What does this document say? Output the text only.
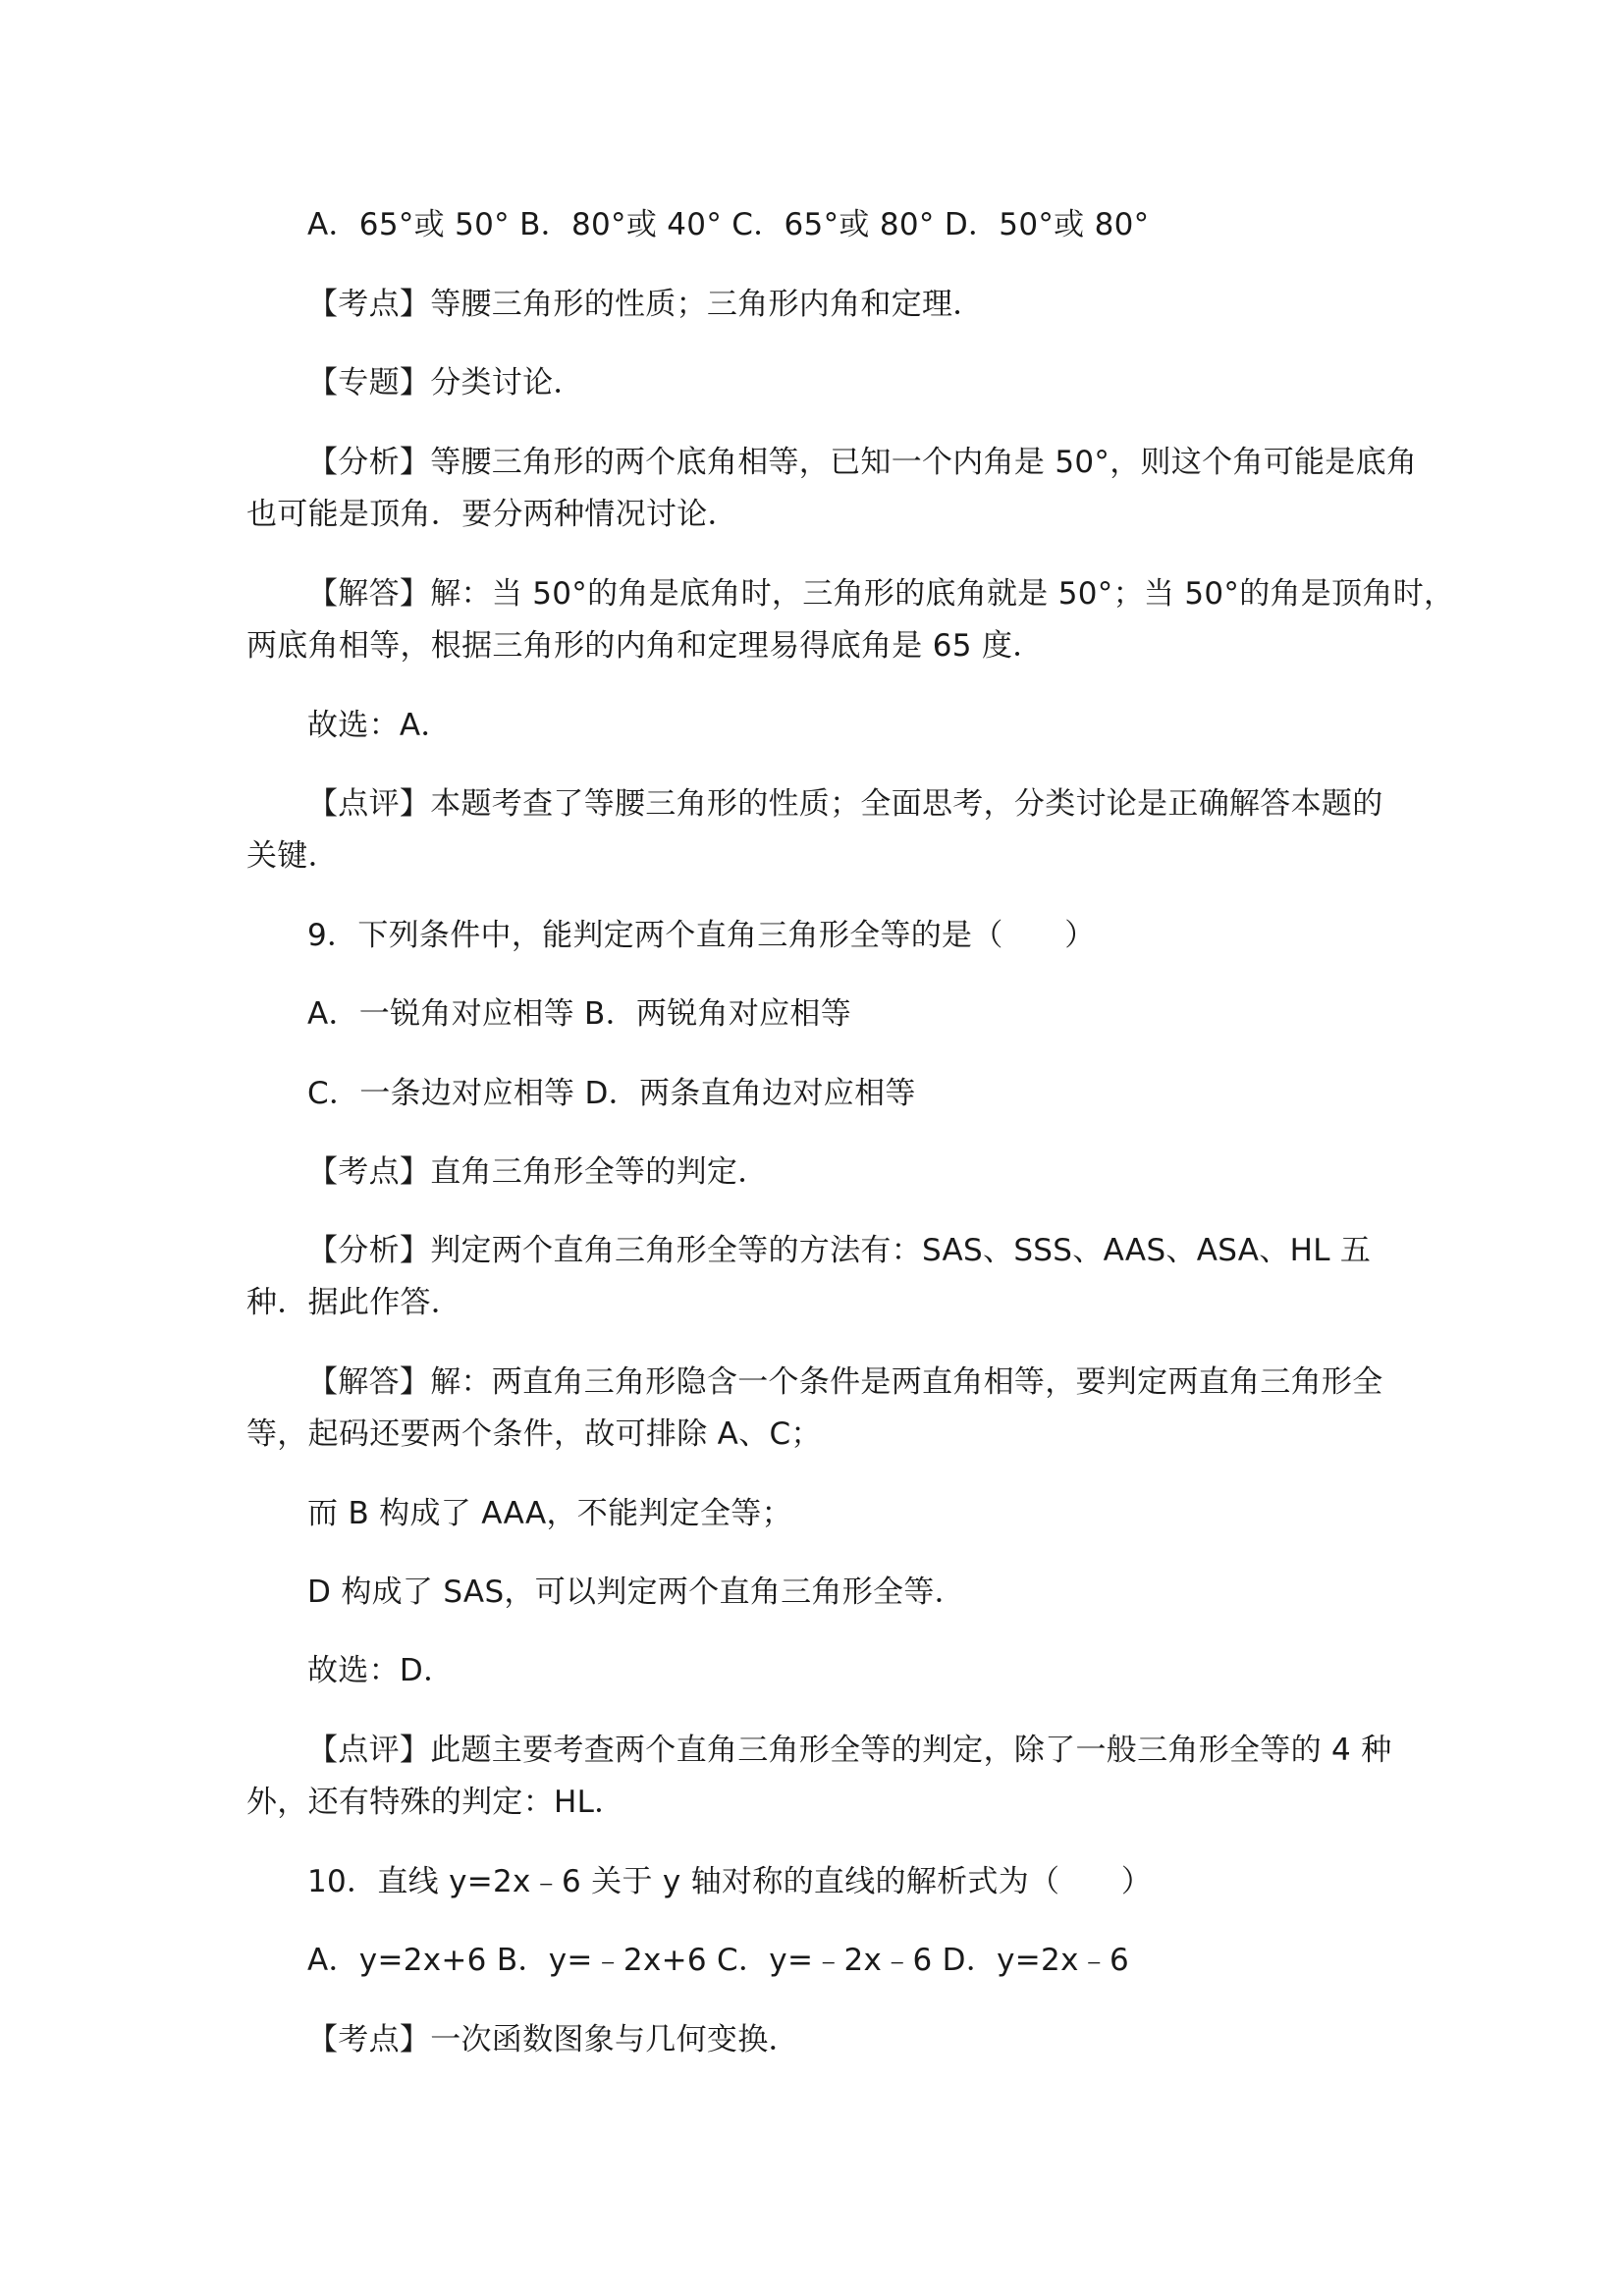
A．65°或 50° B．80°或 40° C．65°或 80° D．50°或 80°
【考点】等腰三角形的性质；三角形内角和定理．
【专题】分类讨论．
【分析】等腰三角形的两个底角相等，已知一个内角是 50°，则这个角可能是底角
也可能是顶角．要分两种情况讨论．
【解答】解：当 50°的角是底角时，三角形的底角就是 50°；当 50°的角是顶角时，
两底角相等，根据三角形的内角和定理易得底角是 65 度．
故选：A．
【点评】本题考查了等腰三角形的性质；全面思考，分类讨论是正确解答本题的
关键．
9．下列条件中，能判定两个直角三角形全等的是（　　）
A．一锐角对应相等 B．两锐角对应相等
C．一条边对应相等 D．两条直角边对应相等
【考点】直角三角形全等的判定．
【分析】判定两个直角三角形全等的方法有：SAS、SSS、AAS、ASA、HL 五
种．据此作答．
【解答】解：两直角三角形隐含一个条件是两直角相等，要判定两直角三角形全
等，起码还要两个条件，故可排除 A、C；
而 B 构成了 AAA，不能判定全等；
D 构成了 SAS，可以判定两个直角三角形全等．
故选：D．
【点评】此题主要考查两个直角三角形全等的判定，除了一般三角形全等的 4 种
外，还有特殊的判定：HL．
10．直线 y=2x﹣6 关于 y 轴对称的直线的解析式为（　　）
A．y=2x+6 B．y=﹣2x+6 C．y=﹣2x﹣6 D．y=2x﹣6
【考点】一次函数图象与几何变换．
